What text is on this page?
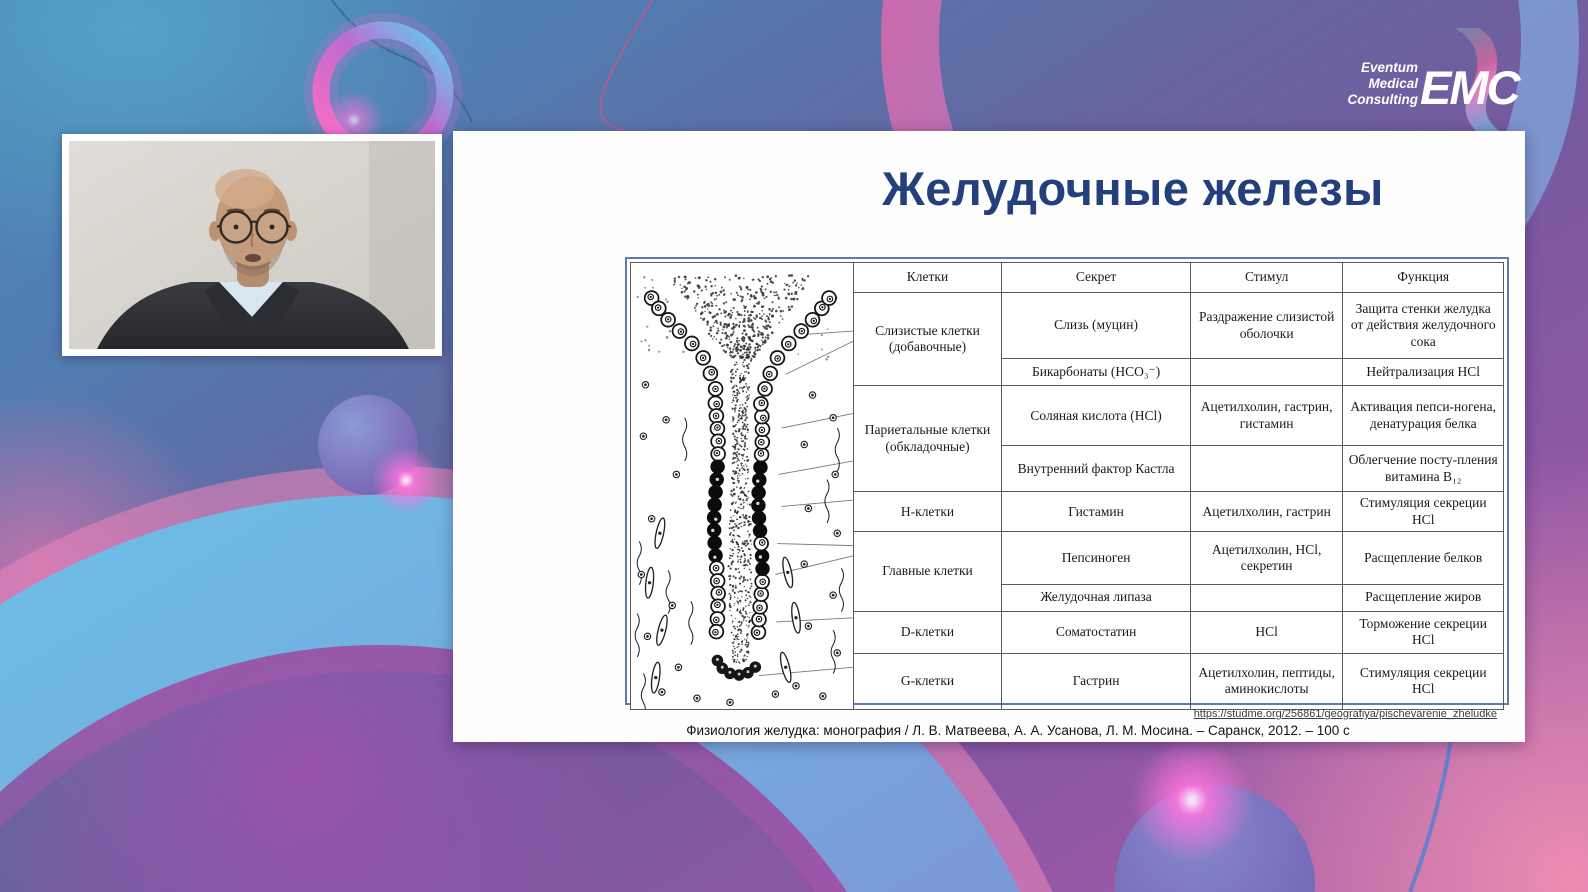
Eventum
Medical
Consulting EMC
Желудочные железы
	Клетки	Секрет	Стимул	Функция
	Слизистые клетки (добавочные)	Слизь (муцин)	Раздражение слизистой оболочки	Защита стенки желудка от действия желудочного сока
		Бикарбонаты (HCO₃⁻)		Нейтрализация HCl
	Париетальные клетки (обкладочные)	Соляная кислота (HCl)	Ацетилхолин, гастрин, гистамин	Активация пепси-ногена, денатурация белка
		Внутренний фактор Кастла		Облегчение посту-пления витамина B₁₂
	H-клетки	Гистамин	Ацетилхолин, гастрин	Стимуляция секреции HCl
	Главные клетки	Пепсиноген	Ацетилхолин, HCl, секретин	Расщепление белков
		Желудочная липаза		Расщепление жиров
	D-клетки	Соматостатин	HCl	Торможение секреции HCl
	G-клетки	Гастрин	Ацетилхолин, пептиды, аминокислоты	Стимуляция секреции HCl
https://studme.org/256861/geografiya/pischevarenie_zheludke
Физиология желудка: монография / Л. В. Матвеева, А. А. Усанова, Л. М. Мосина. – Саранск, 2012. – 100 с
